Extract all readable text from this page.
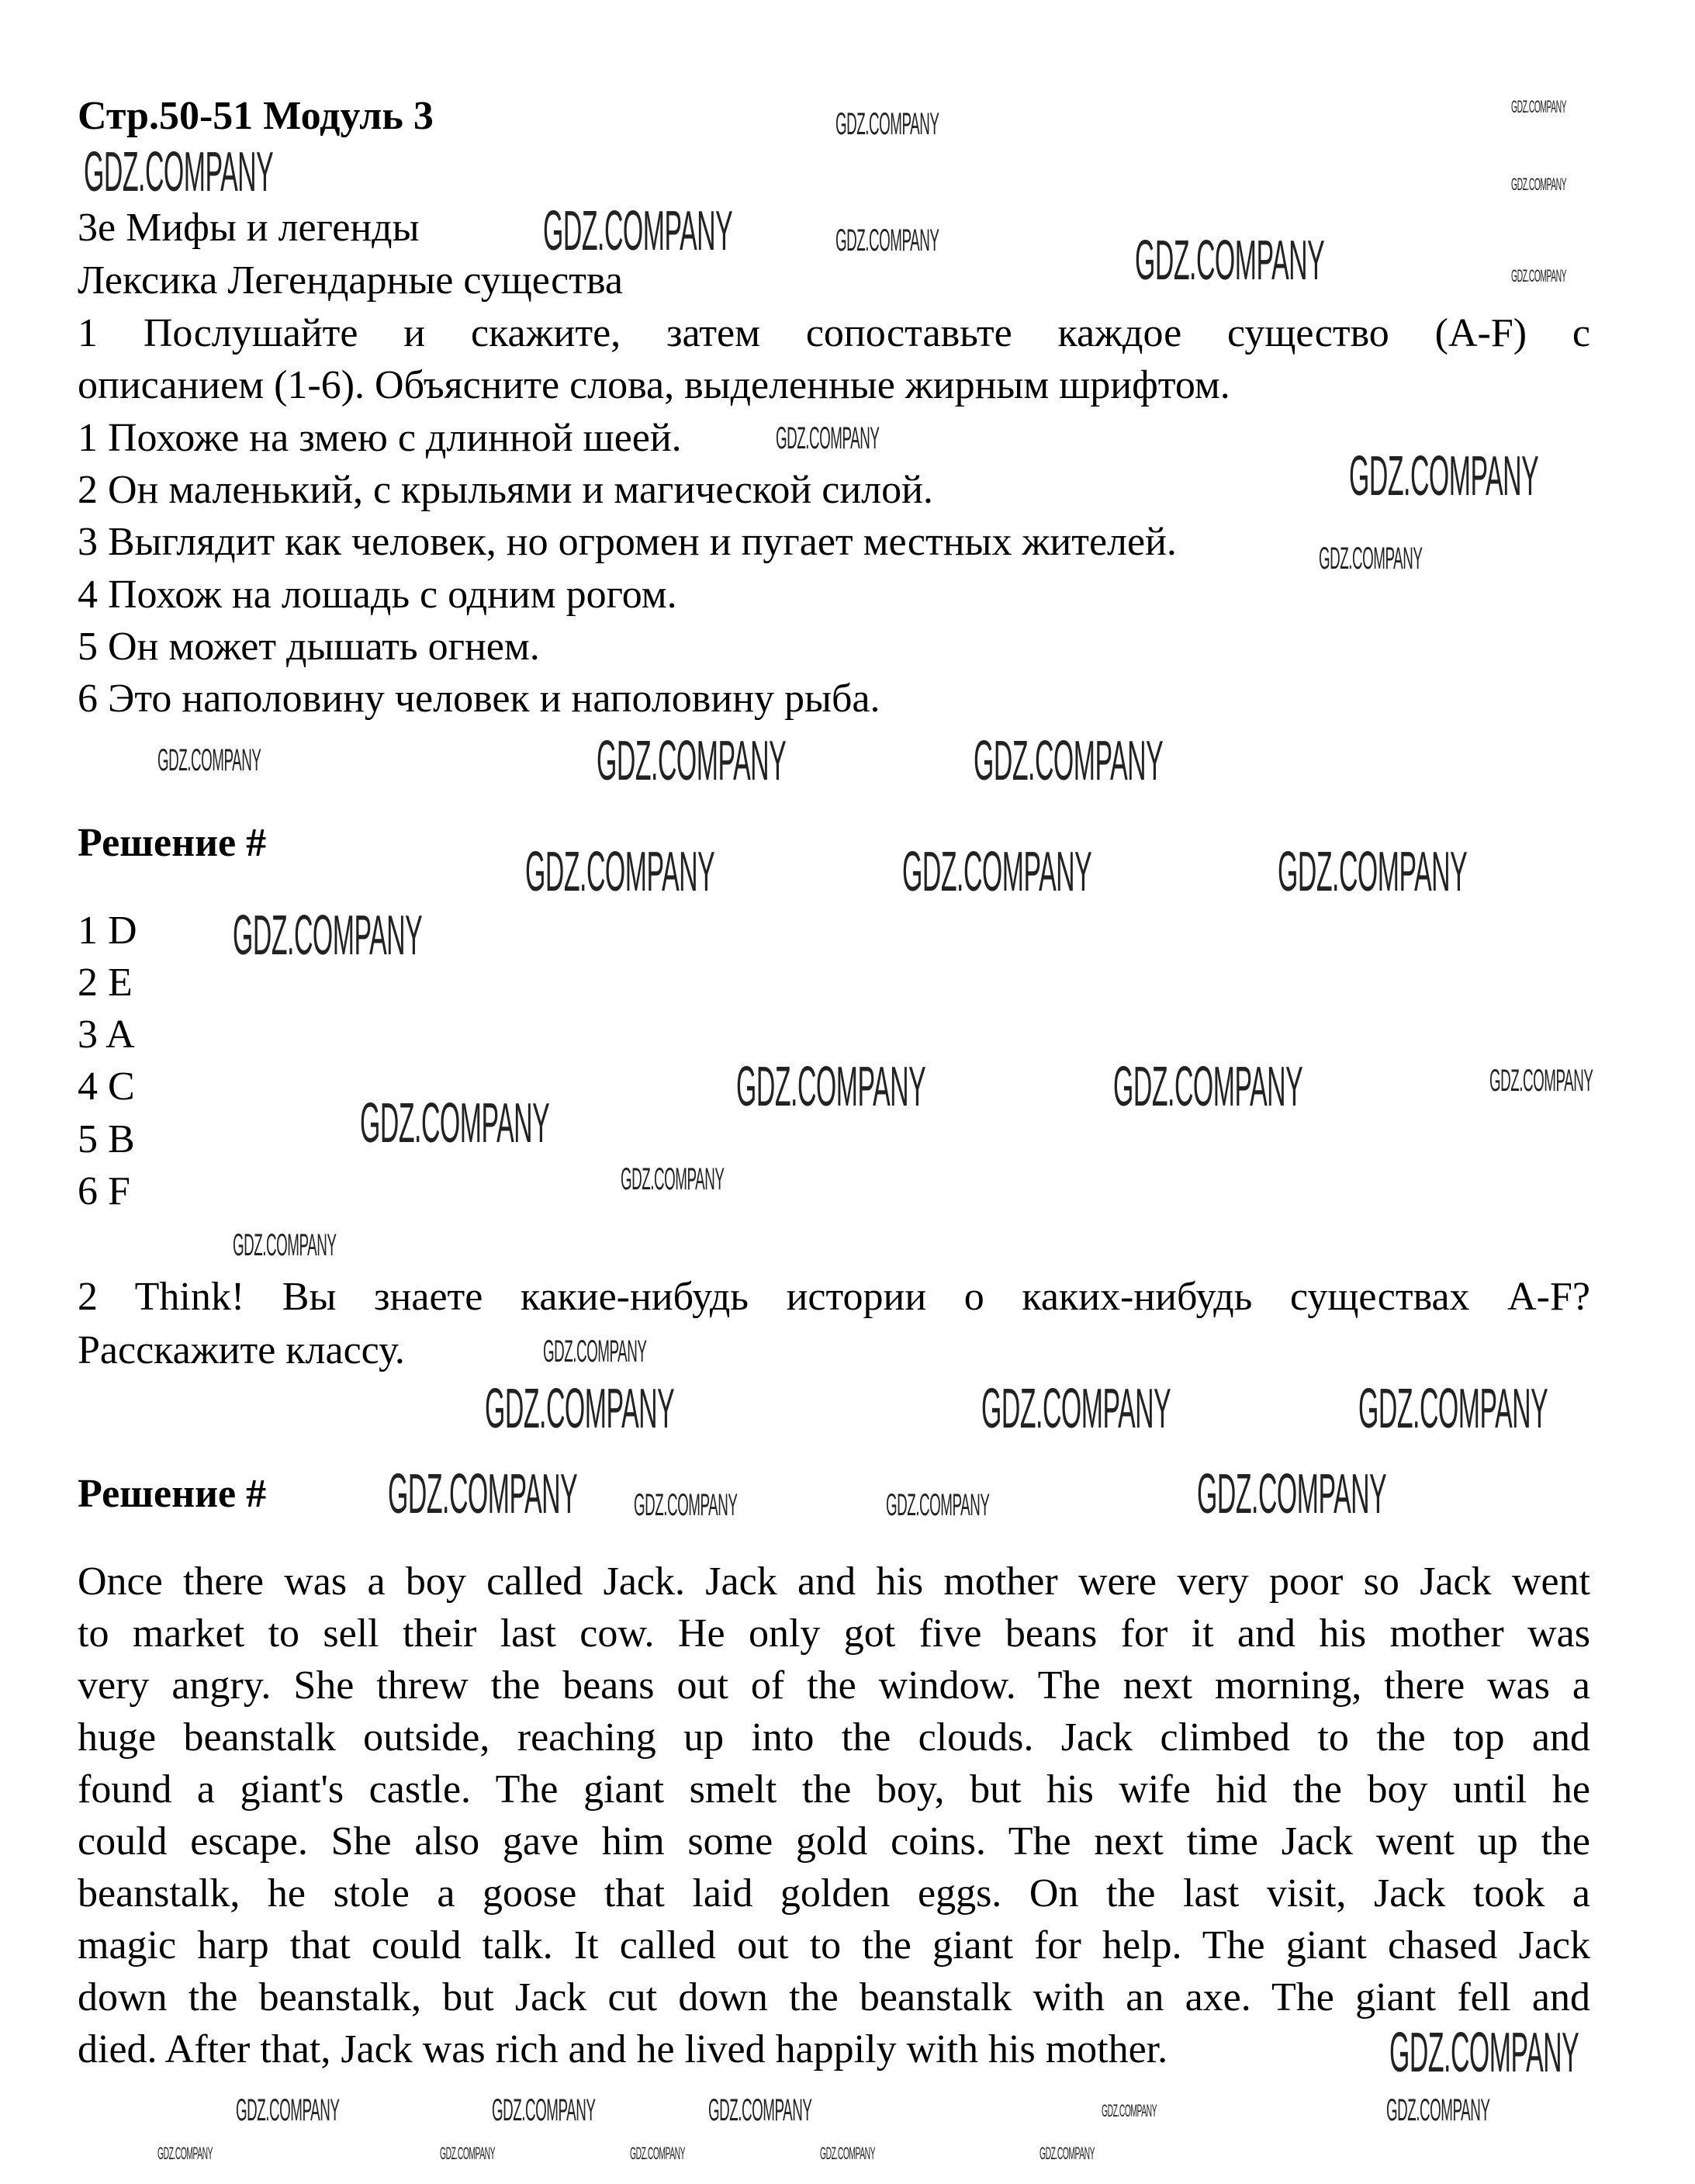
Стр.50-51 Модуль 3
3e Мифы и легенды
Лексика Легендарные существа
1 Послушайте и скажите, затем сопоставьте каждое существо (A-F) с
описанием (1-6). Объясните слова, выделенные жирным шрифтом.
1 Похоже на змею с длинной шеей.
2 Он маленький, с крыльями и магической силой.
3 Выглядит как человек, но огромен и пугает местных жителей.
4 Похож на лошадь с одним рогом.
5 Он может дышать огнем.
6 Это наполовину человек и наполовину рыба.
Решение #
1 D
2 E
3 A
4 C
5 B
6 F
2 Think! Вы знаете какие-нибудь истории о каких-нибудь существах A-F?
Расскажите классу.
Решение #
Once there was a boy called Jack. Jack and his mother were very poor so Jack went
to market to sell their last cow. He only got five beans for it and his mother was
very angry. She threw the beans out of the window. The next morning, there was a
huge beanstalk outside, reaching up into the clouds. Jack climbed to the top and
found a giant's castle. The giant smelt the boy, but his wife hid the boy until he
could escape. She also gave him some gold coins. The next time Jack went up the
beanstalk, he stole a goose that laid golden eggs. On the last visit, Jack took a
magic harp that could talk. It called out to the giant for help. The giant chased Jack
down the beanstalk, but Jack cut down the beanstalk with an axe. The giant fell and
died. After that, Jack was rich and he lived happily with his mother.
GDZ.COMPANY
GDZ.COMPANY
GDZ.COMPANY
GDZ.COMPANY
GDZ.COMPANY
GDZ.COMPANY	GDZ.COMPANY	GDZ.COMPANY
GDZ.COMPANY
GDZ.COMPANY
GDZ.COMPANY
GDZ.COMPANY
GDZ.COMPANY	GDZ.COMPANY
GDZ.COMPANY	GDZ.COMPANY	GDZ.COMPANY
GDZ.COMPANY
GDZ.COMPANY	GDZ.COMPANY	GDZ.COMPANY
GDZ.COMPANY
GDZ.COMPANY
GDZ.COMPANY
GDZ.COMPANY
GDZ.COMPANY	GDZ.COMPANY	GDZ.COMPANY
GDZ.COMPANY GDZ.COMPANY	GDZ.COMPANY	GDZ.COMPANY
GDZ.COMPANY	GDZ.COMPANY	GDZ.COMPANY	GDZ.COMPANY
GDZ.COMPANY
GDZ.COMPANY	GDZ.COMPANY	GDZ.COMPANY	GDZ.COMPANY	GDZ.COMPANY
GDZ.COMPANY
